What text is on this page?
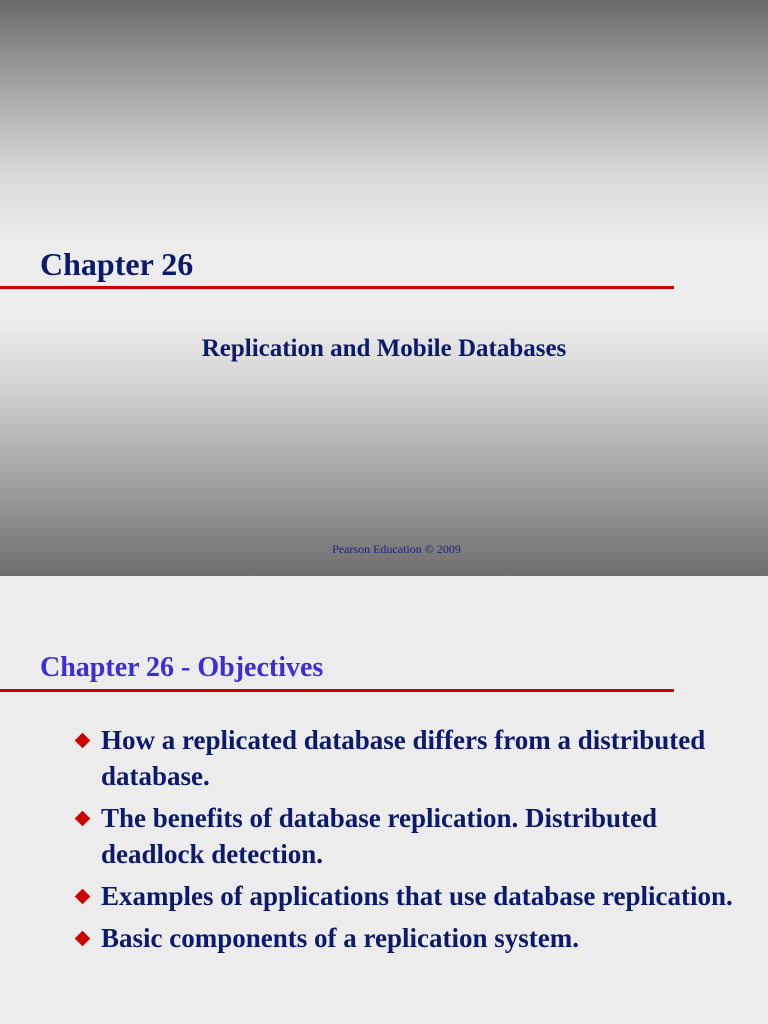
Chapter 26
Replication and Mobile Databases
Pearson Education © 2009
Chapter 26 - Objectives
How a replicated database differs from a distributed database.
The benefits of database replication. Distributed deadlock detection.
Examples of applications that use database replication.
Basic components of a replication system.
